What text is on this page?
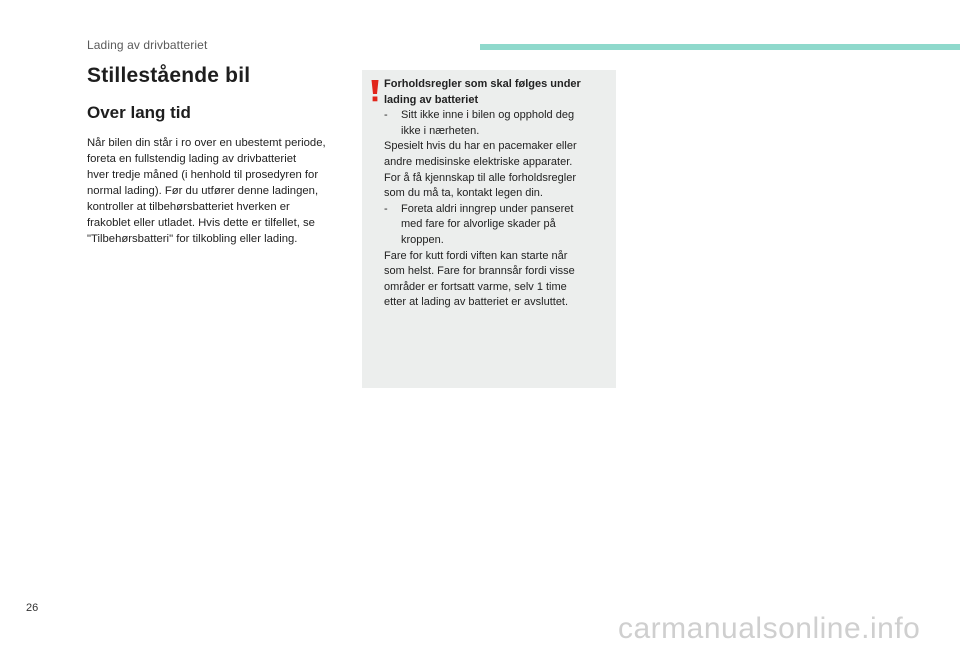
Lading av drivbatteriet
Stillestående bil
Over lang tid

Når bilen din står i ro over en ubestemt periode,
foreta en fullstendig lading av drivbatteriet
hver tredje måned (i henhold til prosedyren for
normal lading). Før du utfører denne ladingen,
kontroller at tilbehørsbatteriet hverken er
frakoblet eller utladet. Hvis dette er tilfellet, se
"Tilbehørsbatteri" for tilkobling eller lading.

Forholdsregler som skal følges under
lading av batteriet
-	Sitt ikke inne i bilen og opphold deg
ikke i nærheten.
Spesielt hvis du har en pacemaker eller
andre medisinske elektriske apparater.
For å få kjennskap til alle forholdsregler
som du må ta, kontakt legen din.
-	Foreta aldri inngrep under panseret
med fare for alvorlige skader på
kroppen.
Fare for kutt fordi viften kan starte når
som helst. Fare for brannsår fordi visse
områder er fortsatt varme, selv 1 time
etter at lading av batteriet er avsluttet.
26
carmanualsonline.info
